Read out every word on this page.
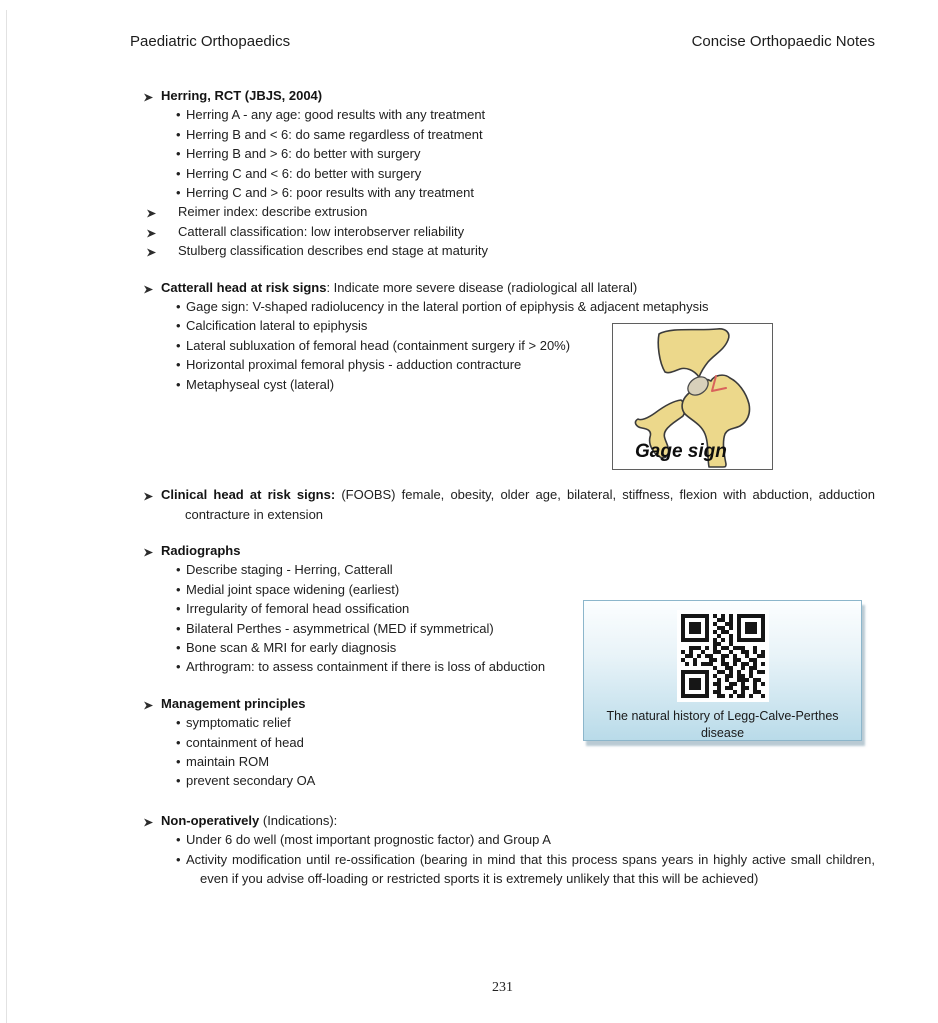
Paediatric Orthopaedics	Concise Orthopaedic Notes

Herring, RCT (JBJS, 2004)

• Herring A - any age: good results with any treatment
• Herring B and < 6: do same regardless of treatment
• Herring B and > 6: do better with surgery
• Herring C and < 6: do better with surgery
• Herring C and > 6: poor results with any treatment

Reimer index: describe extrusion

Catterall classification: low interobserver reliability

Stulberg classification describes end stage at maturity

Catterall head at risk signs: Indicate more severe disease (radiological all lateral)

• Gage sign: V-shaped radiolucency in the lateral portion of epiphysis & adjacent metaphysis
• Calcification lateral to epiphysis
• Lateral subluxation of femoral head (containment surgery if > 20%)
• Horizontal proximal femoral physis - adduction contracture
• Metaphyseal cyst (lateral)

Clinical head at risk signs: (FOOBS) female, obesity, older age, bilateral, stiffness, flexion with abduction, adduction contracture in extension

Radiographs

• Describe staging - Herring, Catterall
• Medial joint space widening (earliest)
• Irregularity of femoral head ossification
• Bilateral Perthes - asymmetrical (MED if symmetrical)
• Bone scan & MRI for early diagnosis
• Arthrogram: to assess containment if there is loss of abduction

Management principles

• symptomatic relief
• containment of head
• maintain ROM
• prevent secondary OA

Non-operatively (Indications):

• Under 6 do well (most important prognostic factor) and Group A
• Activity modification until re-ossification (bearing in mind that this process spans years in highly active small children, even if you advise off-loading or restricted sports it is extremely unlikely that this will be achieved)
Gage sign
The natural history of Legg-Calve-Perthes disease
231
